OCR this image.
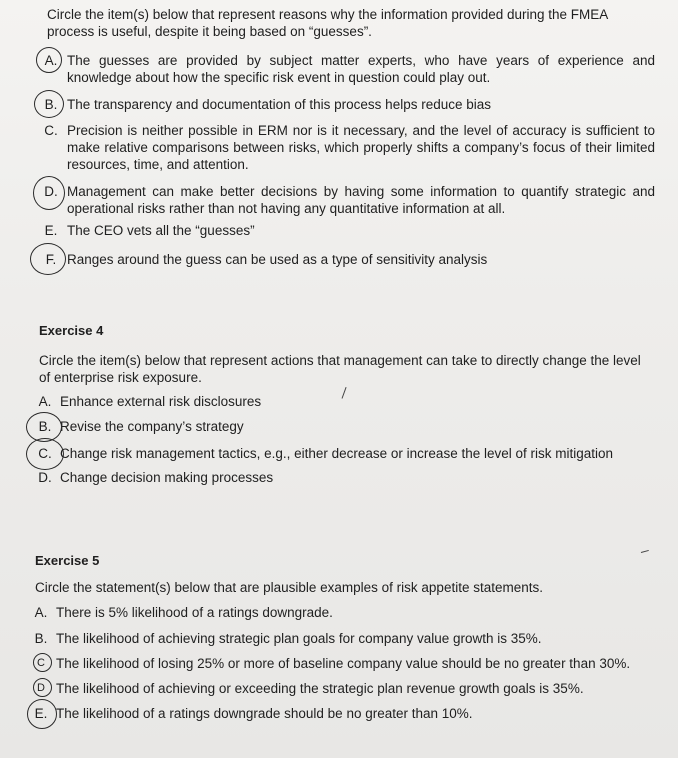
Circle the item(s) below that represent reasons why the information provided during the FMEA process is useful, despite it being based on “guesses”.
A. The guesses are provided by subject matter experts, who have years of experience and knowledge about how the specific risk event in question could play out.
B. The transparency and documentation of this process helps reduce bias
C. Precision is neither possible in ERM nor is it necessary, and the level of accuracy is sufficient to make relative comparisons between risks, which properly shifts a company’s focus of their limited resources, time, and attention.
D. Management can make better decisions by having some information to quantify strategic and operational risks rather than not having any quantitative information at all.
E. The CEO vets all the “guesses”
F. Ranges around the guess can be used as a type of sensitivity analysis
Exercise 4
Circle the item(s) below that represent actions that management can take to directly change the level of enterprise risk exposure.
A. Enhance external risk disclosures
B. Revise the company’s strategy
C. Change risk management tactics, e.g., either decrease or increase the level of risk mitigation
D. Change decision making processes
Exercise 5
Circle the statement(s) below that are plausible examples of risk appetite statements.
A. There is 5% likelihood of a ratings downgrade.
B. The likelihood of achieving strategic plan goals for company value growth is 35%.
C The likelihood of losing 25% or more of baseline company value should be no greater than 30%.
D The likelihood of achieving or exceeding the strategic plan revenue growth goals is 35%.
E. The likelihood of a ratings downgrade should be no greater than 10%.
